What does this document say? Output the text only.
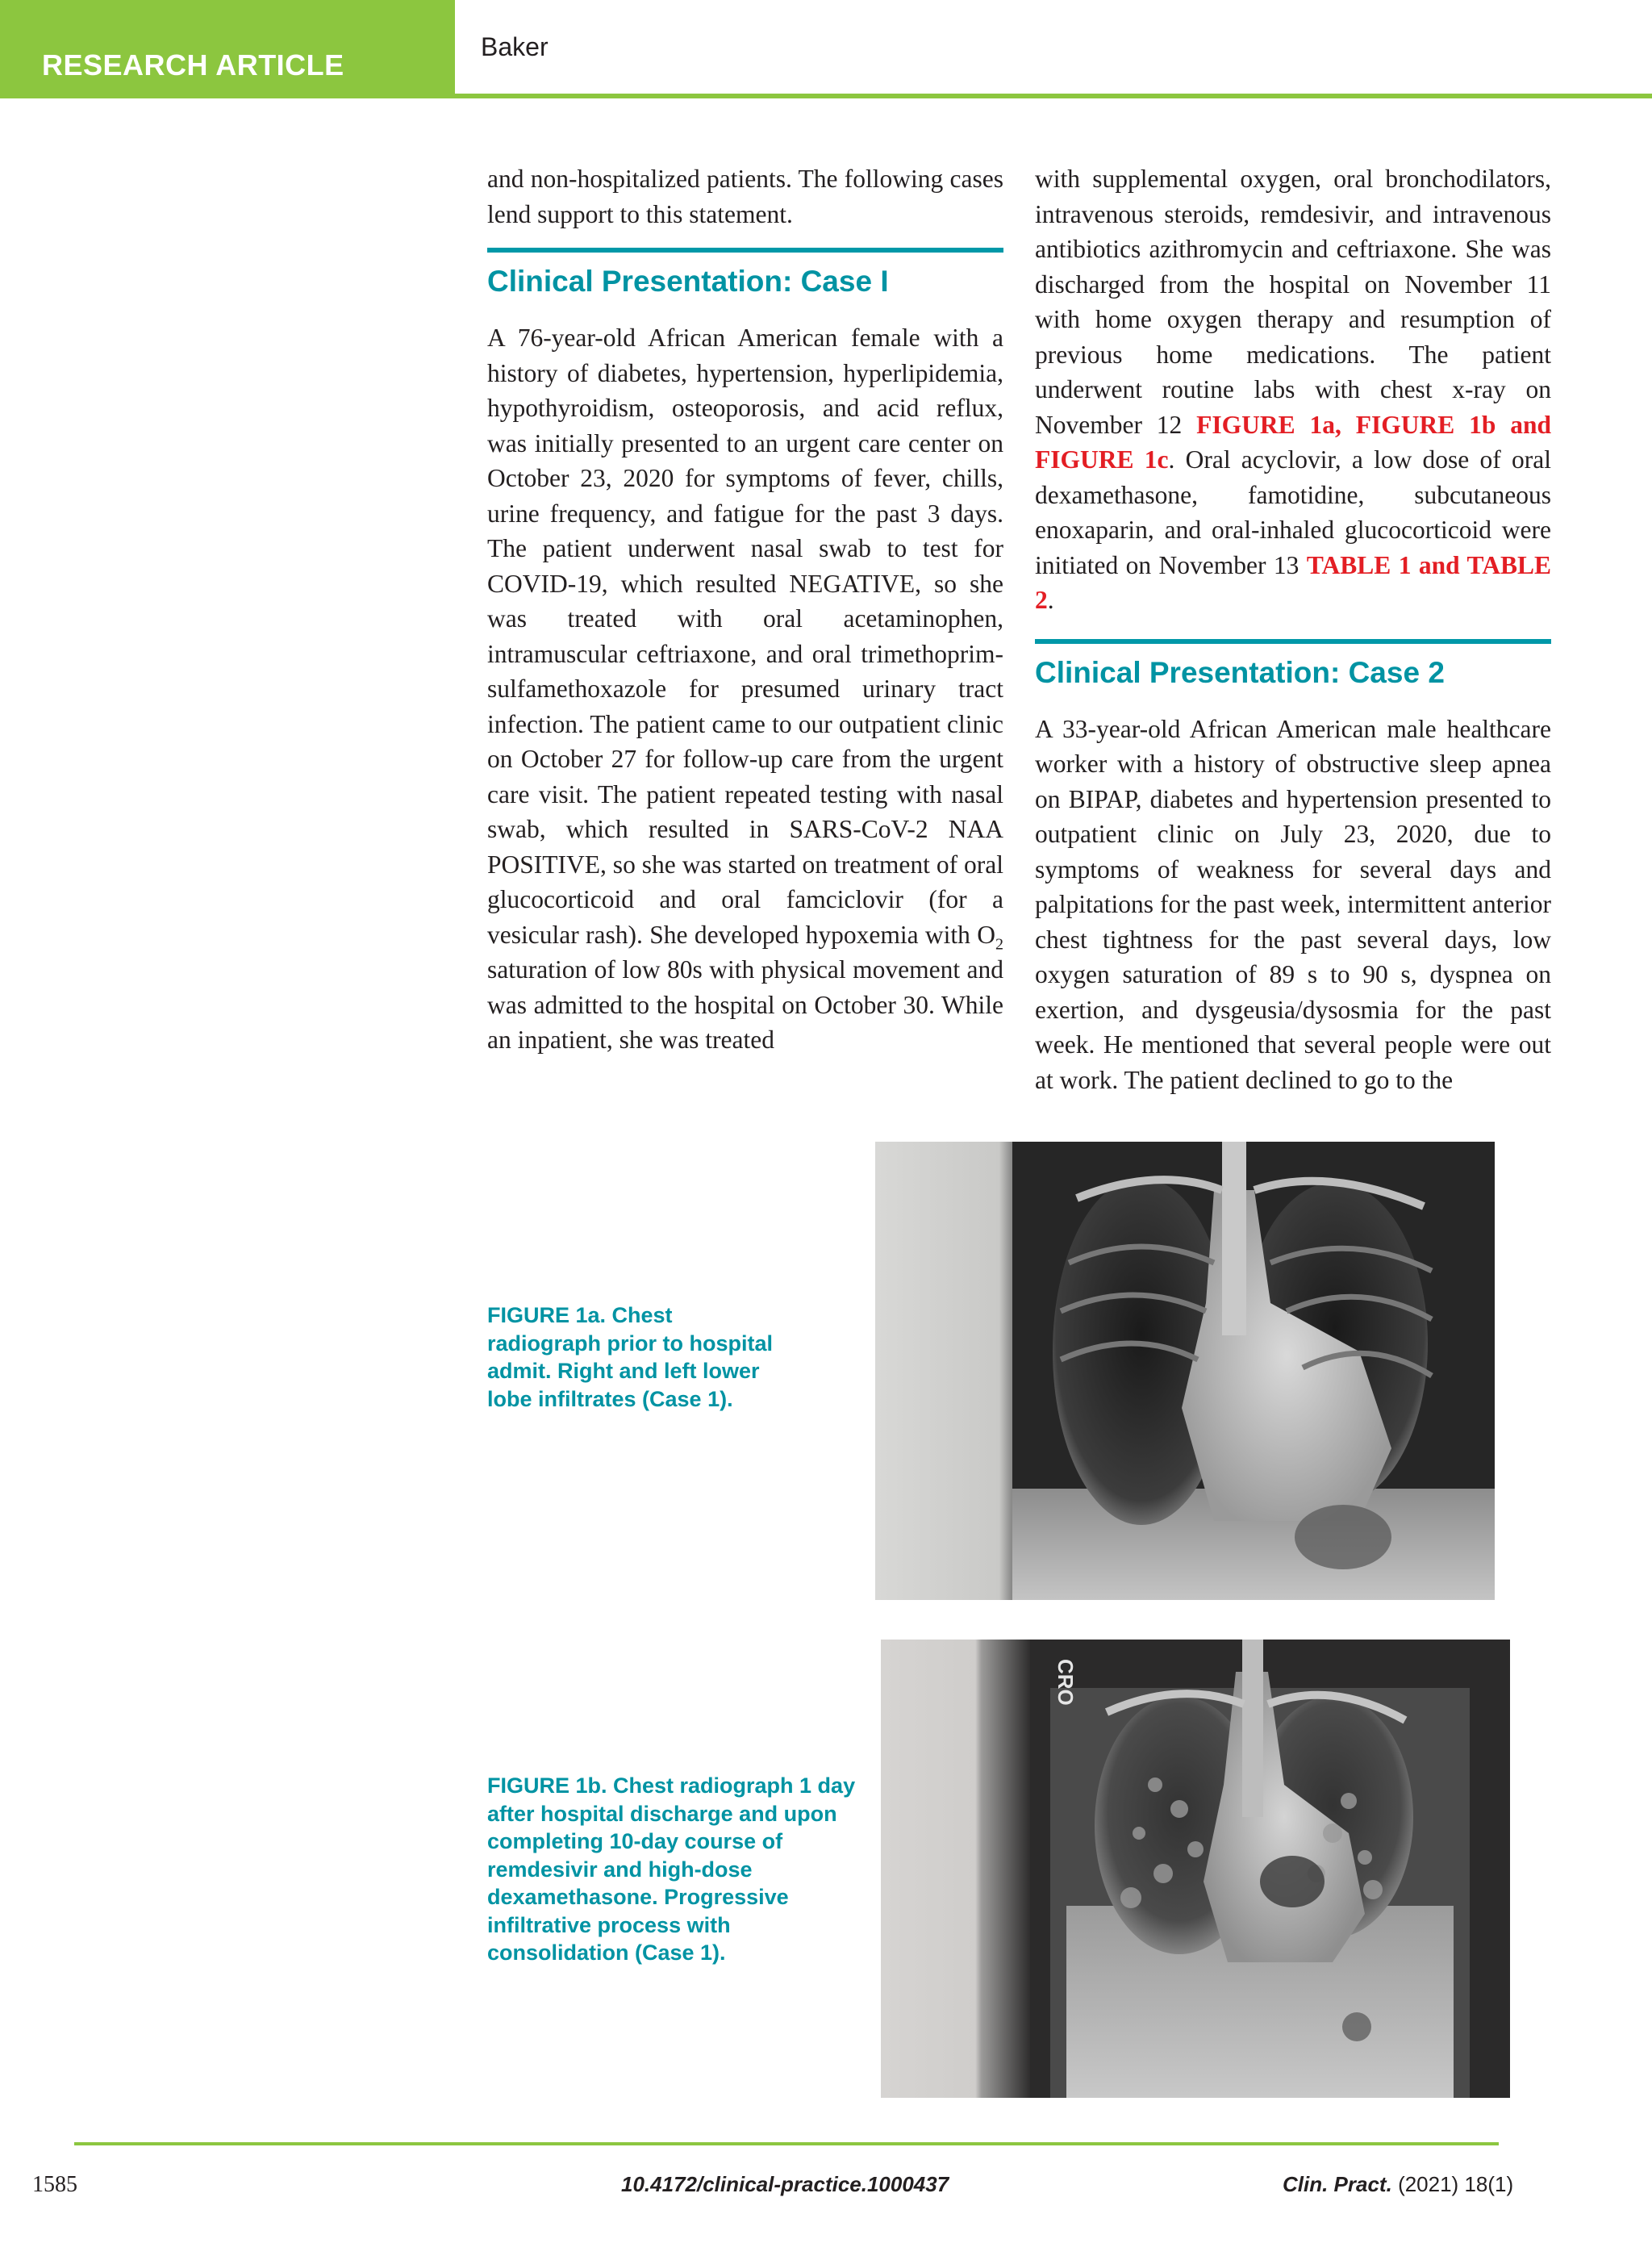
RESEARCH ARTICLE
Baker

and non-hospitalized patients. The following cases lend support to this statement.

Clinical Presentation: Case I

A 76-year-old African American female with a history of diabetes, hypertension, hyperlipidemia, hypothyroidism, osteoporosis, and acid reflux, was initially presented to an urgent care center on October 23, 2020 for symptoms of fever, chills, urine frequency, and fatigue for the past 3 days. The patient underwent nasal swab to test for COVID-19, which resulted NEGATIVE, so she was treated with oral acetaminophen, intramuscular ceftriaxone, and oral trimethoprim-sulfamethoxazole for presumed urinary tract infection. The patient came to our outpatient clinic on October 27 for follow-up care from the urgent care visit. The patient repeated testing with nasal swab, which resulted in SARS-CoV-2 NAA POSITIVE, so she was started on treatment of oral glucocorticoid and oral famciclovir (for a vesicular rash). She developed hypoxemia with $O_2$ saturation of low 80s with physical movement and was admitted to the hospital on October 30. While an inpatient, she was treated

with supplemental oxygen, oral bronchodilators, intravenous steroids, remdesivir, and intravenous antibiotics azithromycin and ceftriaxone. She was discharged from the hospital on November 11 with home oxygen therapy and resumption of previous home medications. The patient underwent routine labs with chest x-ray on November 12 FIGURE 1a, FIGURE 1b and FIGURE 1c. Oral acyclovir, a low dose of oral dexamethasone, famotidine, subcutaneous enoxaparin, and oral-inhaled glucocorticoid were initiated on November 13 TABLE 1 and TABLE 2.

Clinical Presentation: Case 2

A 33-year-old African American male healthcare worker with a history of obstructive sleep apnea on BIPAP, diabetes and hypertension presented to outpatient clinic on July 23, 2020, due to symptoms of weakness for several days and palpitations for the past week, intermittent anterior chest tightness for the past several days, low oxygen saturation of 89 s to 90 s, dyspnea on exertion, and dysgeusia/dysosmia for the past week. He mentioned that several people were out at work. The patient declined to go to the

FIGURE 1a. Chest radiograph prior to hospital admit. Right and left lower lobe infiltrates (Case 1).
FIGURE 1b. Chest radiograph 1 day after hospital discharge and upon completing 10-day course of remdesivir and high-dose dexamethasone. Progressive infiltrative process with consolidation (Case 1).
CRO
1585	10.4172/clinical-practice.1000437	Clin. Pract. (2021) 18(1)
